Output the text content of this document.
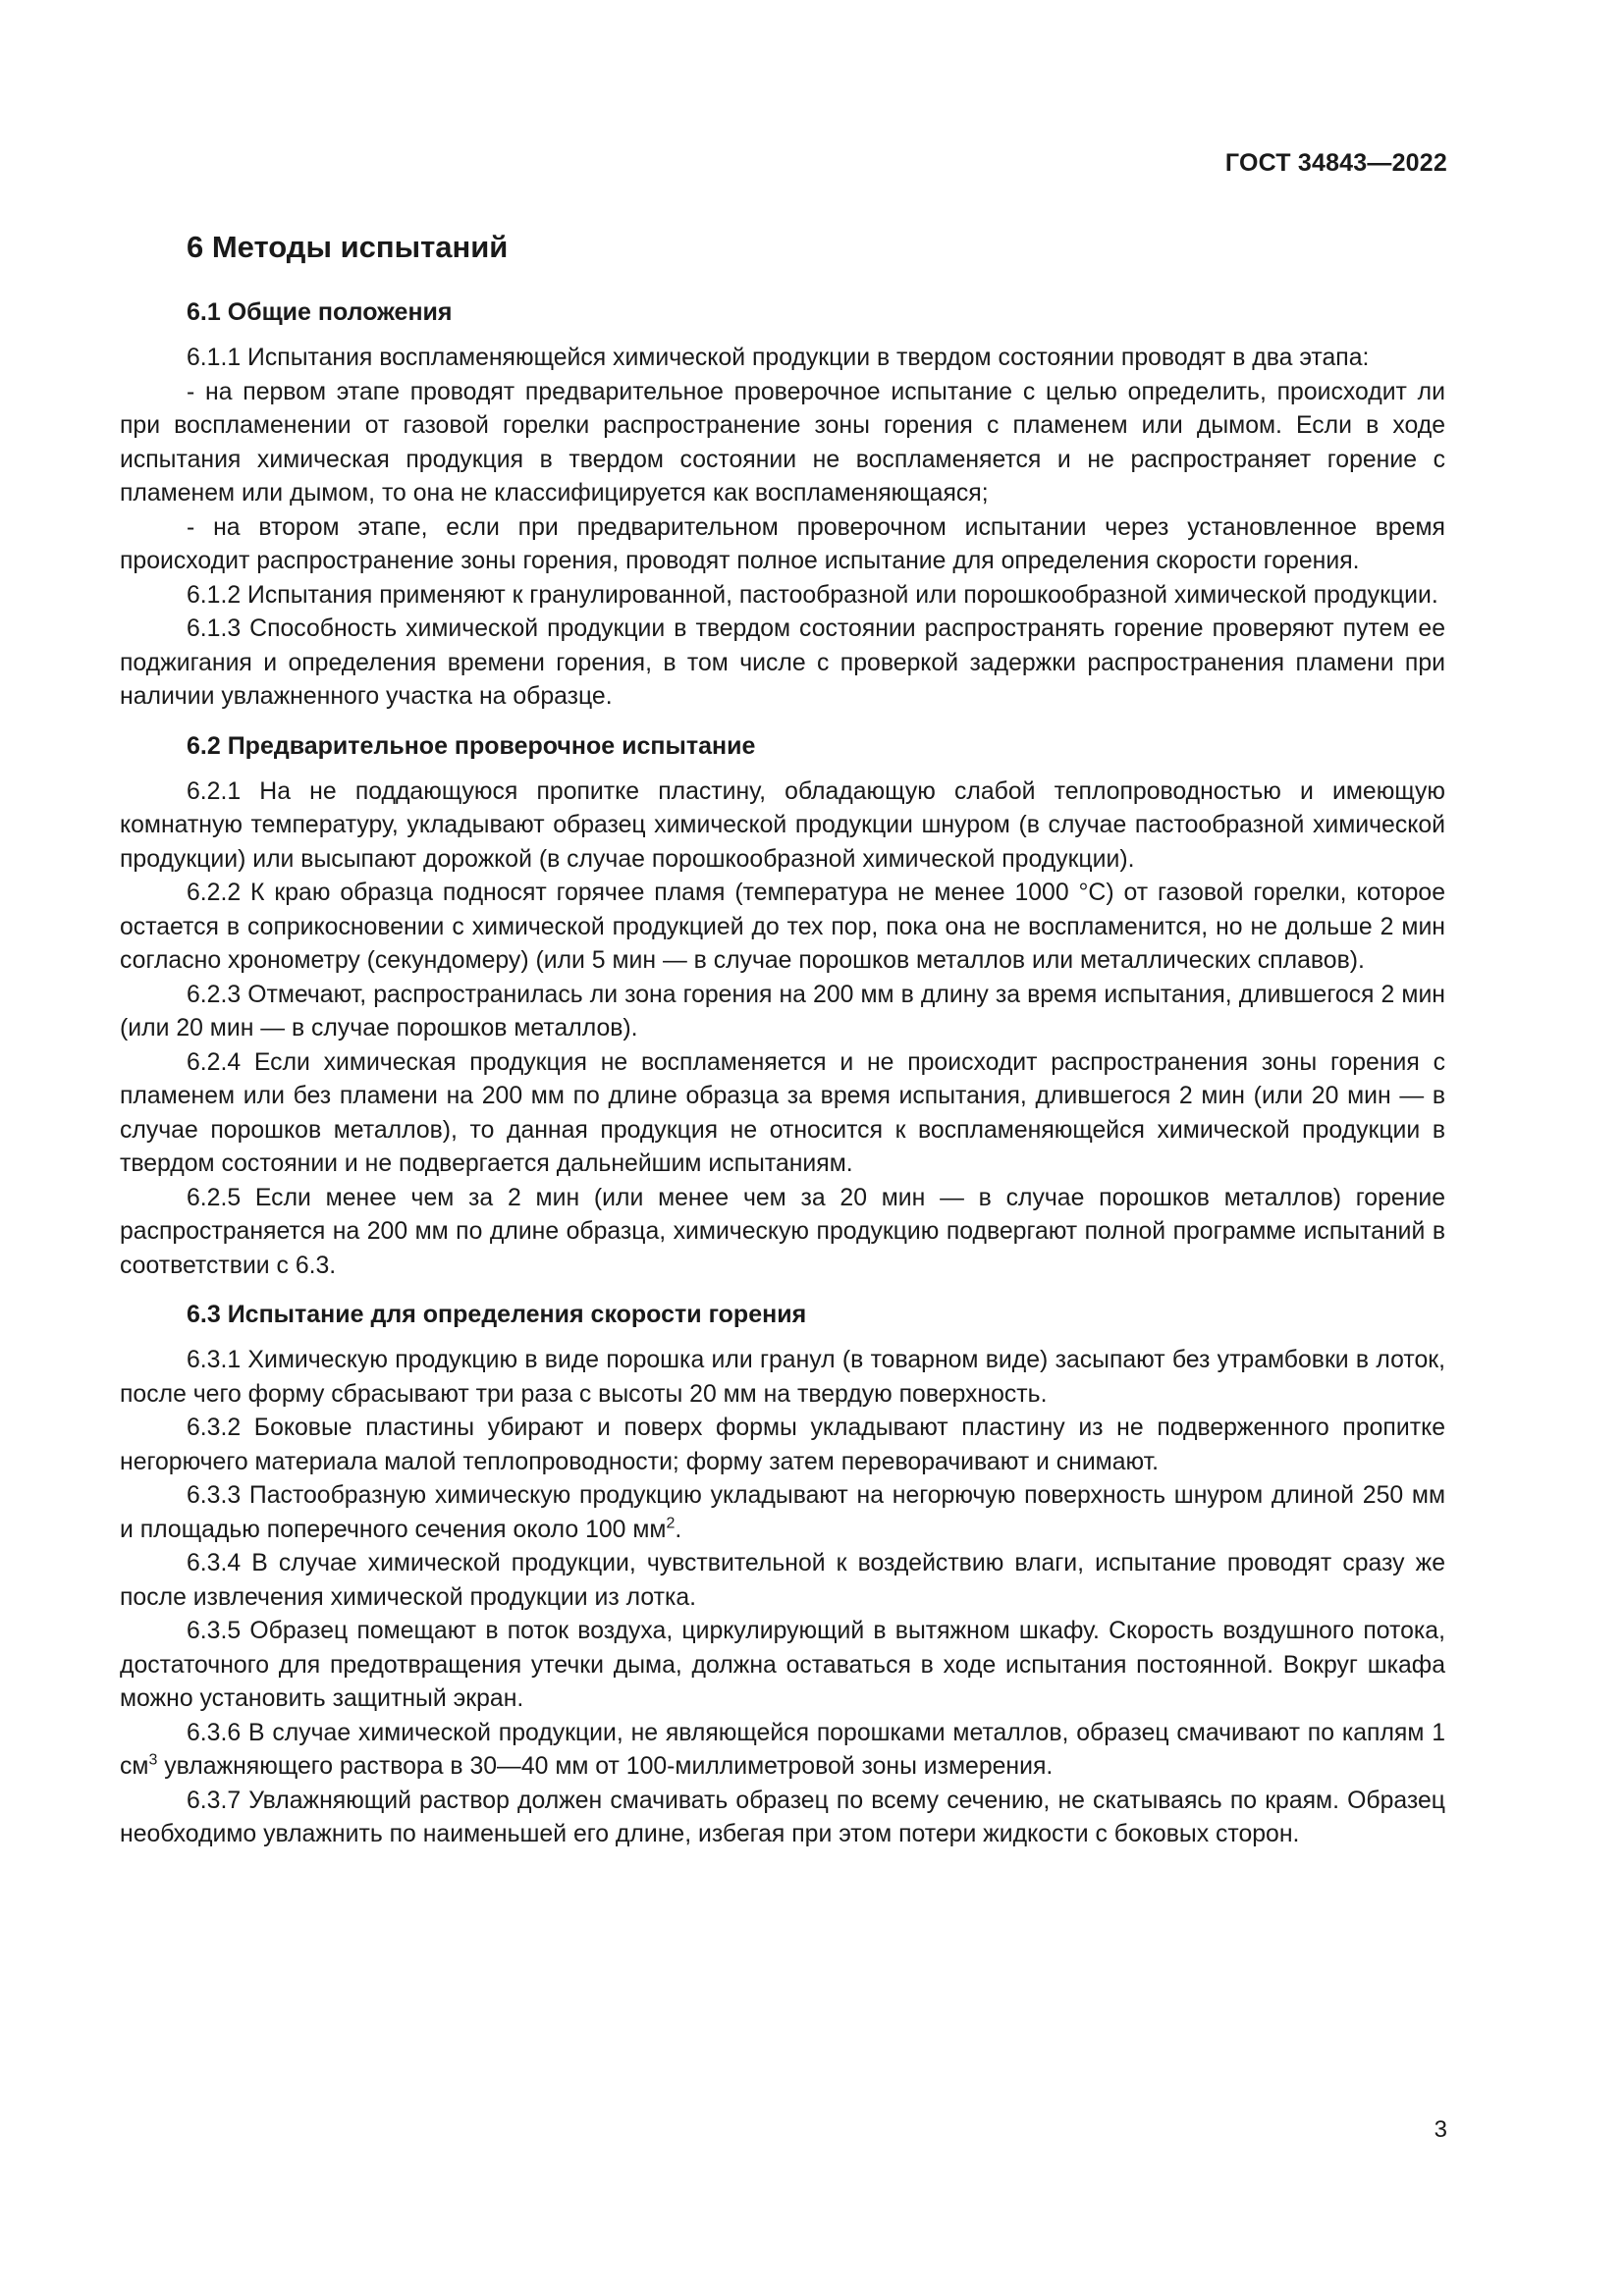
ГОСТ 34843—2022
6 Методы испытаний
6.1 Общие положения

6.1.1 Испытания воспламеняющейся химической продукции в твердом состоянии проводят в два этапа:

- на первом этапе проводят предварительное проверочное испытание с целью определить, происходит ли при воспламенении от газовой горелки распространение зоны горения с пламенем или дымом. Если в ходе испытания химическая продукция в твердом состоянии не воспламеняется и не распространяет горение с пламенем или дымом, то она не классифицируется как воспламеняющаяся;

- на втором этапе, если при предварительном проверочном испытании через установленное время происходит распространение зоны горения, проводят полное испытание для определения скорости горения.

6.1.2 Испытания применяют к гранулированной, пастообразной или порошкообразной химической продукции.

6.1.3 Способность химической продукции в твердом состоянии распространять горение проверяют путем ее поджигания и определения времени горения, в том числе с проверкой задержки распространения пламени при наличии увлажненного участка на образце.

6.2 Предварительное проверочное испытание

6.2.1 На не поддающуюся пропитке пластину, обладающую слабой теплопроводностью и имеющую комнатную температуру, укладывают образец химической продукции шнуром (в случае пастообразной химической продукции) или высыпают дорожкой (в случае порошкообразной химической продукции).

6.2.2 К краю образца подносят горячее пламя (температура не менее 1000 °С) от газовой горелки, которое остается в соприкосновении с химической продукцией до тех пор, пока она не воспламенится, но не дольше 2 мин согласно хронометру (секундомеру) (или 5 мин — в случае порошков металлов или металлических сплавов).

6.2.3 Отмечают, распространилась ли зона горения на 200 мм в длину за время испытания, длившегося 2 мин (или 20 мин — в случае порошков металлов).

6.2.4 Если химическая продукция не воспламеняется и не происходит распространения зоны горения с пламенем или без пламени на 200 мм по длине образца за время испытания, длившегося 2 мин (или 20 мин — в случае порошков металлов), то данная продукция не относится к воспламеняющейся химической продукции в твердом состоянии и не подвергается дальнейшим испытаниям.

6.2.5 Если менее чем за 2 мин (или менее чем за 20 мин — в случае порошков металлов) горение распространяется на 200 мм по длине образца, химическую продукцию подвергают полной программе испытаний в соответствии с 6.3.

6.3 Испытание для определения скорости горения

6.3.1 Химическую продукцию в виде порошка или гранул (в товарном виде) засыпают без утрамбовки в лоток, после чего форму сбрасывают три раза с высоты 20 мм на твердую поверхность.

6.3.2 Боковые пластины убирают и поверх формы укладывают пластину из не подверженного пропитке негорючего материала малой теплопроводности; форму затем переворачивают и снимают.

6.3.3 Пастообразную химическую продукцию укладывают на негорючую поверхность шнуром длиной 250 мм и площадью поперечного сечения около 100 $мм^2$.

6.3.4 В случае химической продукции, чувствительной к воздействию влаги, испытание проводят сразу же после извлечения химической продукции из лотка.

6.3.5 Образец помещают в поток воздуха, циркулирующий в вытяжном шкафу. Скорость воздушного потока, достаточного для предотвращения утечки дыма, должна оставаться в ходе испытания постоянной. Вокруг шкафа можно установить защитный экран.

6.3.6 В случае химической продукции, не являющейся порошками металлов, образец смачивают по каплям 1 $см^3$ увлажняющего раствора в 30—40 мм от 100-миллиметровой зоны измерения.

6.3.7 Увлажняющий раствор должен смачивать образец по всему сечению, не скатываясь по краям. Образец необходимо увлажнить по наименьшей его длине, избегая при этом потери жидкости с боковых сторон.

3
